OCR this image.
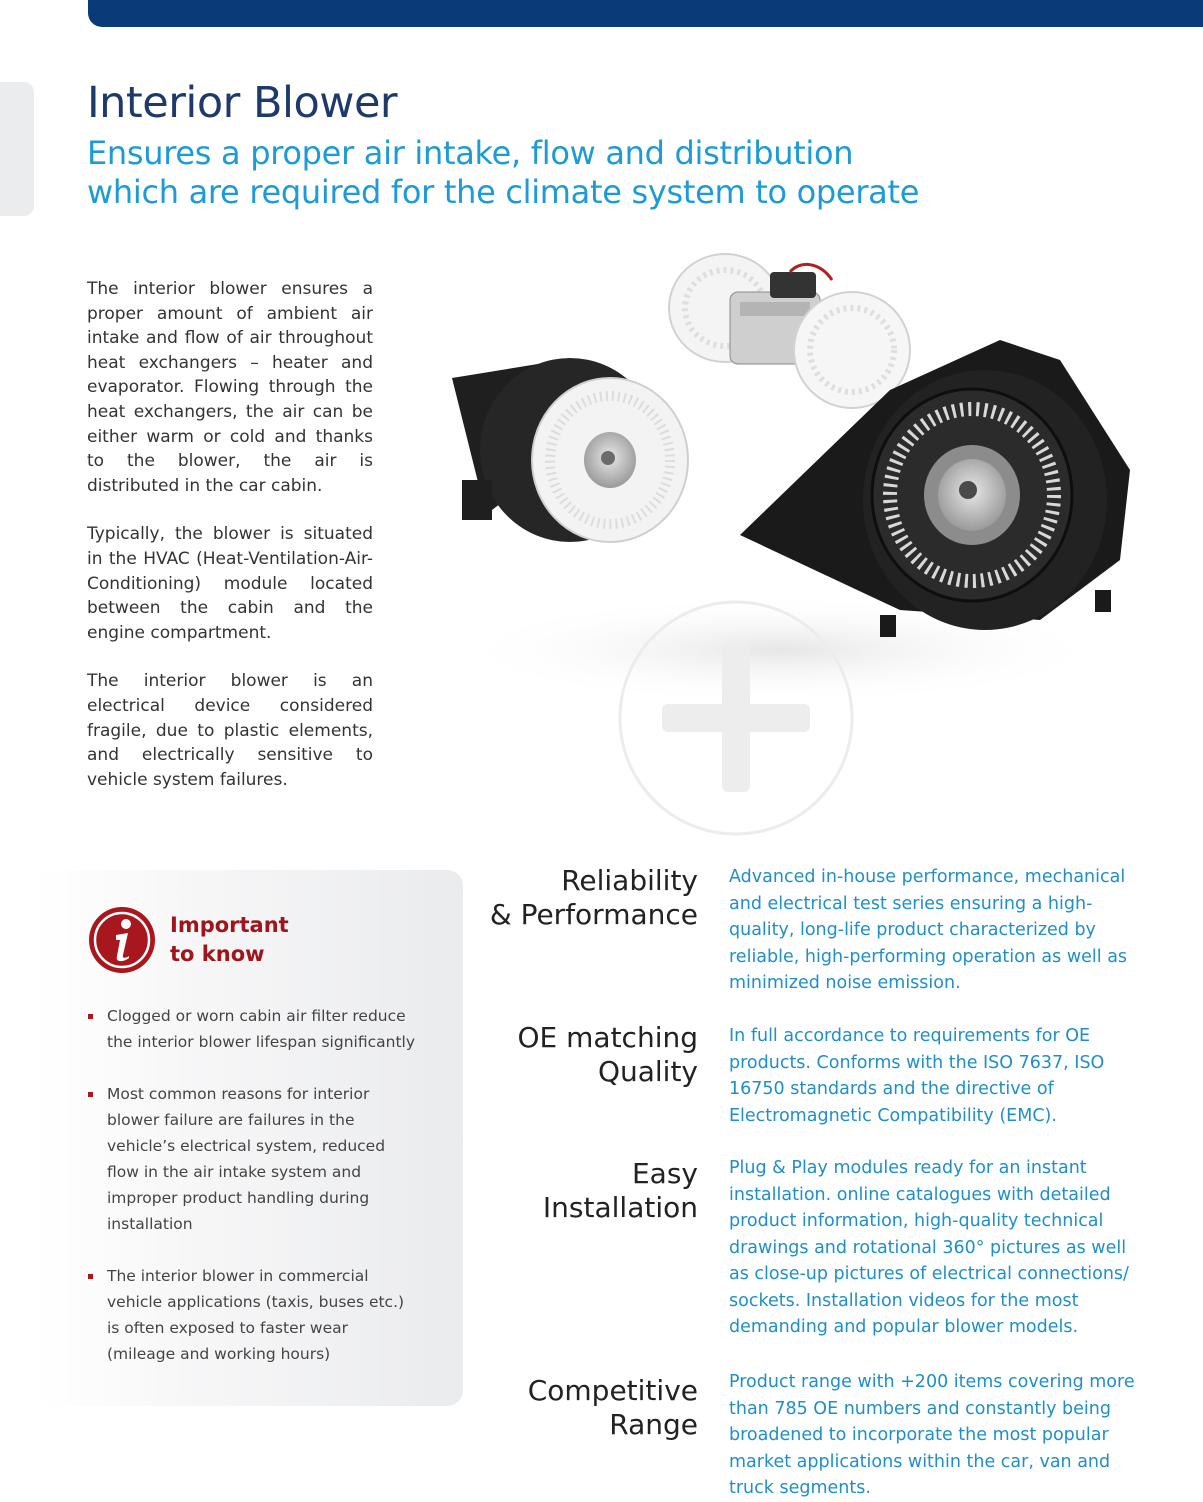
Interior Blower
Ensures a proper air intake, flow and distribution which are required for the climate system to operate

The interior blower ensures a proper amount of ambient air intake and flow of air throughout heat exchangers – heater and evaporator. Flowing through the heat exchangers, the air can be either warm or cold and thanks to the blower, the air is distributed in the car cabin.

Typically, the blower is situated in the HVAC (Heat-Ventilation-Air-Conditioning) module located between the cabin and the engine compartment.

The interior blower is an electrical device considered fragile, due to plastic elements, and electrically sensitive to vehicle system failures.

Important
to know
Clogged or worn cabin air filter reduce the interior blower lifespan significantly
Most common reasons for interior blower failure are failures in the vehicle’s electrical system, reduced flow in the air intake system and improper product handling during installation
The interior blower in commercial vehicle applications (taxis, buses etc.) is often exposed to faster wear (mileage and working hours)
Reliability
& Performance
Advanced in-house performance, mechanical and electrical test series ensuring a high-quality, long-life product characterized by reliable, high-performing operation as well as minimized noise emission.
OE matching
Quality
In full accordance to requirements for OE products. Conforms with the ISO 7637, ISO 16750 standards and the directive of Electromagnetic Compatibility (EMC).
Easy
Installation
Plug & Play modules ready for an instant installation. online catalogues with detailed product information, high-quality technical drawings and rotational 360° pictures as well as close-up pictures of electrical connections/ sockets. Installation videos for the most demanding and popular blower models.
Competitive
Range
Product range with +200 items covering more than 785 OE numbers and constantly being broadened to incorporate the most popular market applications within the car, van and truck segments.
